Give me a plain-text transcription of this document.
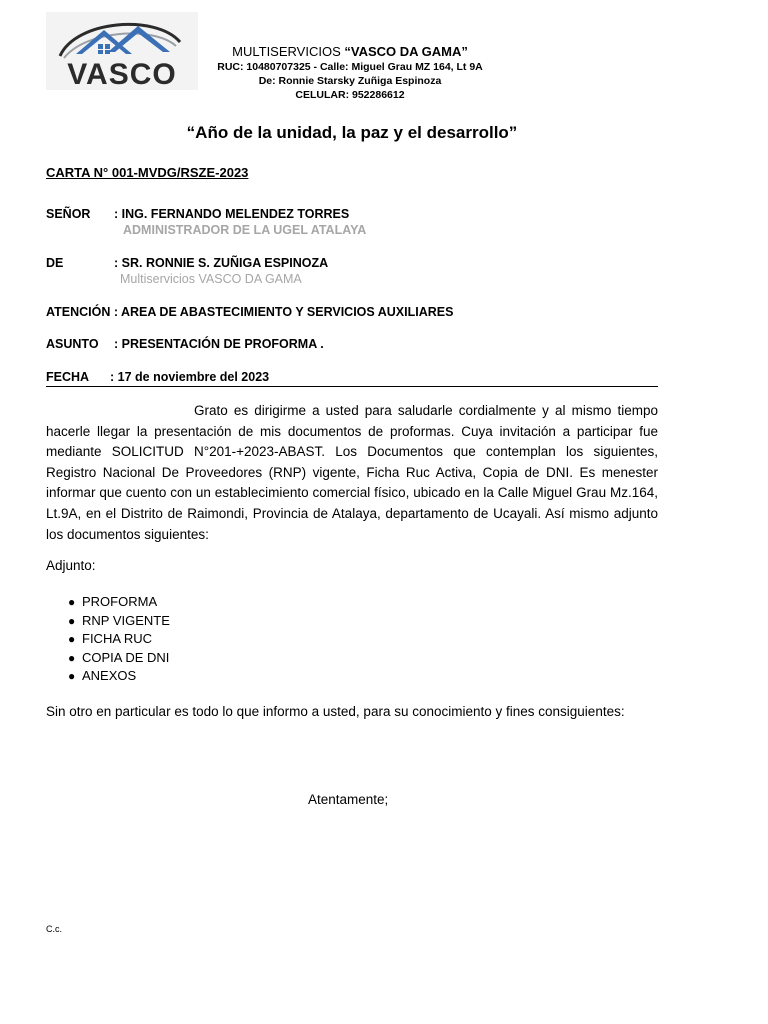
VASCO
MULTISERVICIOS “VASCO DA GAMA”
RUC: 10480707325 - Calle: Miguel Grau MZ 164, Lt 9A
De: Ronnie Starsky Zuñiga Espinoza
CELULAR: 952286612
“Año de la unidad, la paz y el desarrollo”
CARTA N° 001-MVDG/RSZE-2023
SEÑOR : ING. FERNANDO MELENDEZ TORRES
ADMINISTRADOR DE LA UGEL ATALAYA
DE	: SR. RONNIE S. ZUÑIGA ESPINOZA
Multiservicios VASCO DA GAMA
ATENCIÓN : AREA DE ABASTECIMIENTO Y SERVICIOS AUXILIARES
ASUNTO : PRESENTACIÓN DE PROFORMA .
FECHA : 17 de noviembre del 2023
Grato es dirigirme a usted para saludarle cordialmente y al mismo tiempo hacerle llegar la presentación de mis documentos de proformas. Cuya invitación a participar fue mediante SOLICITUD N°201-+2023-ABAST. Los Documentos que contemplan los siguientes, Registro Nacional De Proveedores (RNP) vigente, Ficha Ruc Activa, Copia de DNI. Es menester informar que cuento con un establecimiento comercial físico, ubicado en la Calle Miguel Grau Mz.164, Lt.9A, en el Distrito de Raimondi, Provincia de Atalaya, departamento de Ucayali. Así mismo adjunto los documentos siguientes:
Adjunto:
● PROFORMA
● RNP VIGENTE
● FICHA RUC
● COPIA DE DNI
● ANEXOS
Sin otro en particular es todo lo que informo a usted, para su conocimiento y fines consiguientes:
Atentamente;
C.c.
